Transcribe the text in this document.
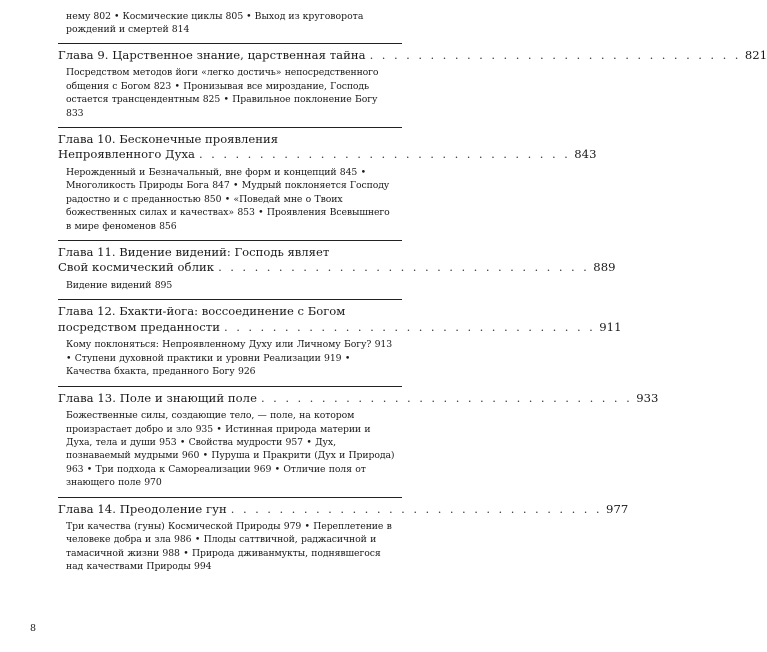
нему 802 • Космические циклы 805 • Выход из круговорота рождений и смертей 814
Глава 9. Царственное знание, царственная тайна . . . . . . . . . . . . . . . . . . . . . . . . . . . . . . . 821
Посредством методов йоги «легко достичь» непосредственного общения с Богом 823 • Пронизывая все мироздание, Господь остается трансцендентным 825 • Правильное поклонение Богу 833
Глава 10. Бесконечные проявления
Непроявленного Духа . . . . . . . . . . . . . . . . . . . . . . . . . . . . . . . 843
Нерожденный и Безначальный, вне форм и концепций 845 • Многоликость Природы Бога 847 • Мудрый поклоняется Господу радостно и с преданностью 850 • «Поведай мне о Твоих божественных силах и качествах» 853 • Проявления Всевышнего в мире феноменов 856
Глава 11. Видение видений: Господь являет
Свой космический облик . . . . . . . . . . . . . . . . . . . . . . . . . . . . . . . 889
Видение видений 895
Глава 12. Бхакти-йога: воссоединение с Богом
посредством преданности . . . . . . . . . . . . . . . . . . . . . . . . . . . . . . . 911
Кому поклоняться: Непроявленному Духу или Личному Богу? 913 • Ступени духовной практики и уровни Реализации 919 • Качества бхакта, преданного Богу 926
Глава 13. Поле и знающий поле . . . . . . . . . . . . . . . . . . . . . . . . . . . . . . . 933
Божественные силы, создающие тело, — поле, на котором произрастает добро и зло 935 • Истинная природа материи и Духа, тела и души 953 • Свойства мудрости 957 • Дух, познаваемый мудрыми 960 • Пуруша и Пракрити (Дух и Природа) 963 • Три подхода к Самореализации 969 • Отличие поля от знающего поле 970
Глава 14. Преодоление гун . . . . . . . . . . . . . . . . . . . . . . . . . . . . . . . 977
Три качества (гуны) Космической Природы 979 • Переплетение в человеке добра и зла 986 • Плоды саттвичной, раджасичной и тамасичной жизни 988 • Природа дживанмукты, поднявшегося над качествами Природы 994
8
